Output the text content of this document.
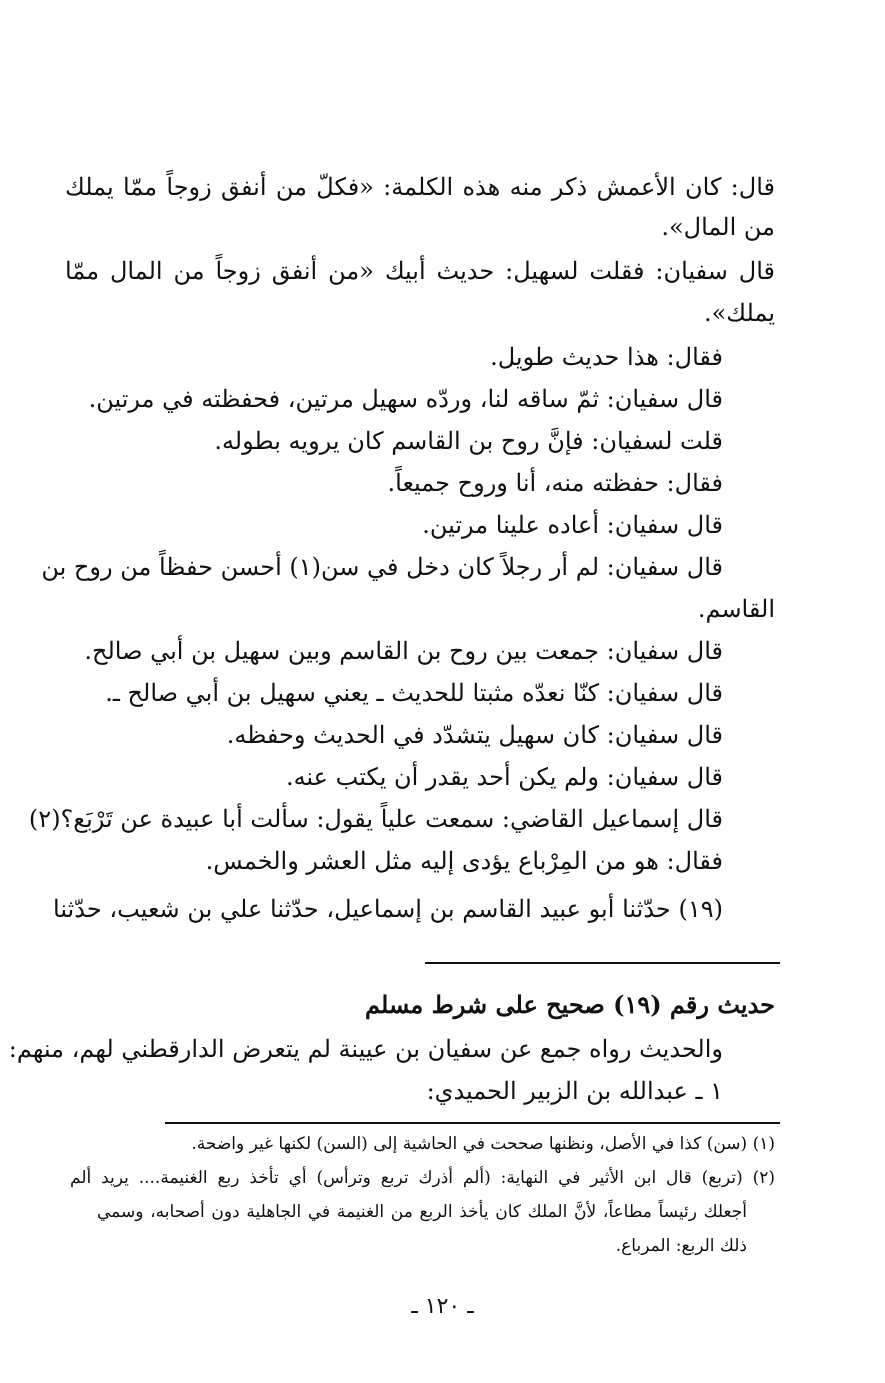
قال: كان الأعمش ذكر منه هذه الكلمة: «فكلّ من أنفق زوجاً ممّا يملك
من المال».
قال سفيان: فقلت لسهيل: حديث أبيك «من أنفق زوجاً من المال ممّا
يملك».
فقال: هذا حديث طويل.
قال سفيان: ثمّ ساقه لنا، وردّه سهيل مرتين، فحفظته في مرتين.
قلت لسفيان: فإنَّ روح بن القاسم كان يرويه بطوله.
فقال: حفظته منه، أنا وروح جميعاً.
قال سفيان: أعاده علينا مرتين.
قال سفيان: لم أر رجلاً كان دخل في سن(١) أحسن حفظاً من روح بن
القاسم.
قال سفيان: جمعت بين روح بن القاسم وبين سهيل بن أبي صالح.
قال سفيان: كنّا نعدّه مثبتا للحديث ـ يعني سهيل بن أبي صالح ـ.
قال سفيان: كان سهيل يتشدّد في الحديث وحفظه.
قال سفيان: ولم يكن أحد يقدر أن يكتب عنه.
قال إسماعيل القاضي: سمعت علياً يقول: سألت أبا عبيدة عن تَرْبَع؟(٢)
فقال: هو من المِرْباع يؤدى إليه مثل العشر والخمس.
(١٩) حدّثنا أبو عبيد القاسم بن إسماعيل، حدّثنا علي بن شعيب، حدّثنا
حديث رقم (١٩) صحيح على شرط مسلم
والحديث رواه جمع عن سفيان بن عيينة لم يتعرض الدارقطني لهم، منهم:
١ ـ عبدالله بن الزبير الحميدي:
(١) (سن) كذا في الأصل، ونظنها صححت في الحاشية إلى (السن) لكنها غير واضحة.
(٢) (تربع) قال ابن الأثير في النهاية: (ألم أذرك تربع وترأس) أي تأخذ ربع الغنيمة.... يريد ألم
أجعلك رئيساً مطاعاً، لأنَّ الملك كان يأخذ الربع من الغنيمة في الجاهلية دون أصحابه، وسمي
ذلك الربع: المرباع.
ـ ١٢٠ ـ
